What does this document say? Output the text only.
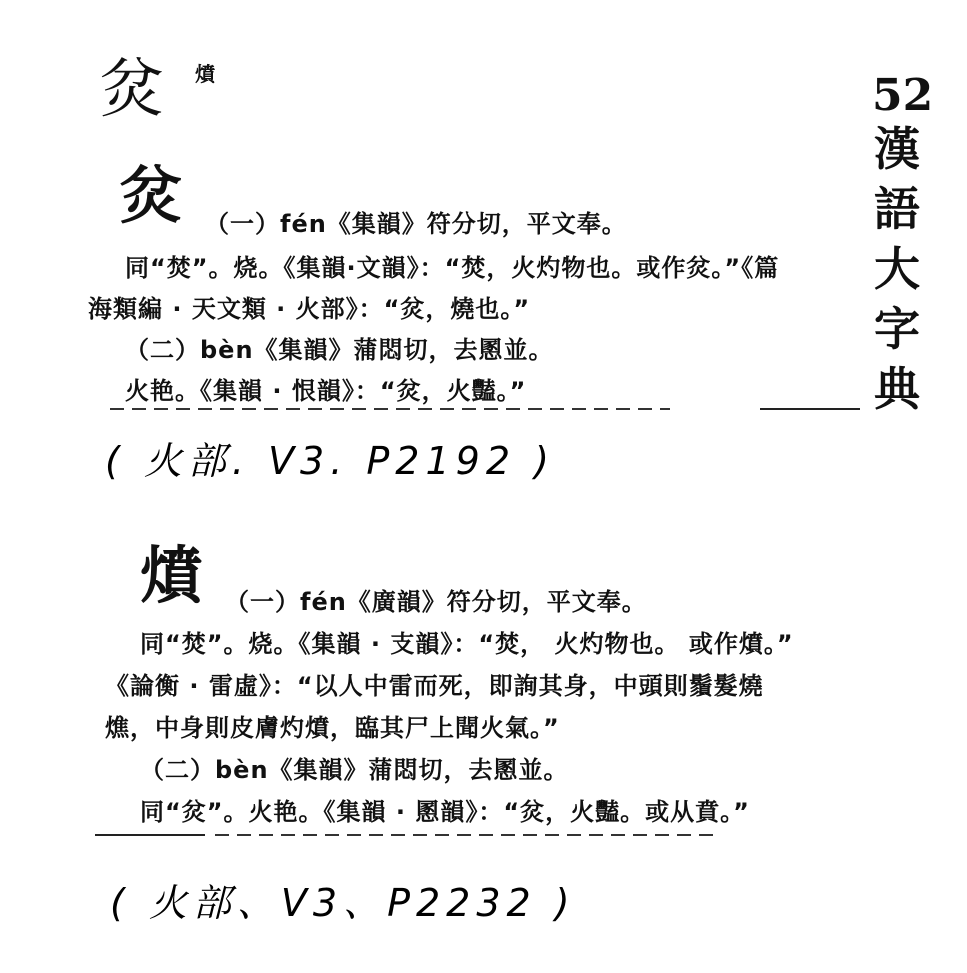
炃 燌	52
漢
語
大
字
典
炃 （一）fén《集韻》符分切，平文奉。
同“焚”。烧。《集韻·文韻》：“焚，火灼物也。或作炃。”《篇
海類編 · 天文類 · 火部》：“炃，燒也。”
（二）bèn《集韻》蒲悶切，去慁並。
火艳。《集韻 · 恨韻》：“炃，火豔。”
( 火部. V3. P2192 )
燌 （一）fén《廣韻》符分切，平文奉。
同“焚”。烧。《集韻 · 支韻》：“焚， 火灼物也。 或作燌。”
《論衡 · 雷虛》：“以人中雷而死，即詢其身，中頭則鬚髮燒
燋，中身則皮膚灼燌，臨其尸上聞火氣。”
（二）bèn《集韻》蒲悶切，去慁並。
同“炃”。火艳。《集韻 · 慁韻》：“炃，火豔。或从賁。”
( 火部、V3、P2232 )
